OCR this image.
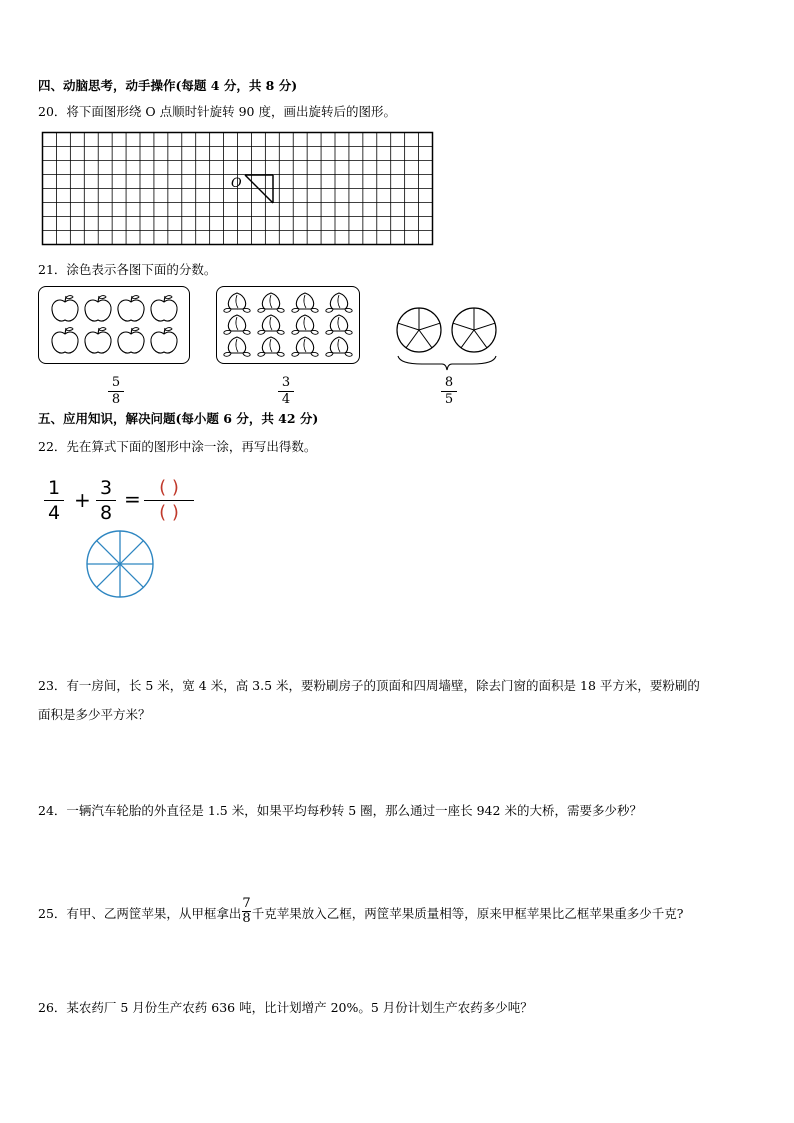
四、动脑思考，动手操作(每题 4 分，共 8 分)
20．将下面图形绕 O 点顺时针旋转 90 度，画出旋转后的图形。
O
21．涂色表示各图下面的分数。
5
8
3
4
8
5
五、应用知识，解决问题(每小题 6 分，共 42 分)
22．先在算式下面的图形中涂一涂，再写出得数。
1
4
+ 3
8
=	( )
( )
23．有一房间，长 5 米，宽 4 米，高 3.5 米，要粉刷房子的顶面和四周墙壁，除去门窗的面积是 18 平方米，要粉刷的
面积是多少平方米？
24．一辆汽车轮胎的外直径是 1.5 米，如果平均每秒转 5 圈，那么通过一座长 942 米的大桥，需要多少秒？
25．有甲、乙两筐苹果，从甲框拿出 $\frac{7}{8}$ 千克苹果放入乙框，两筐苹果质量相等，原来甲框苹果比乙框苹果重多少千克?
26．某农药厂 5 月份生产农药 636 吨，比计划增产 20%。5 月份计划生产农药多少吨？
